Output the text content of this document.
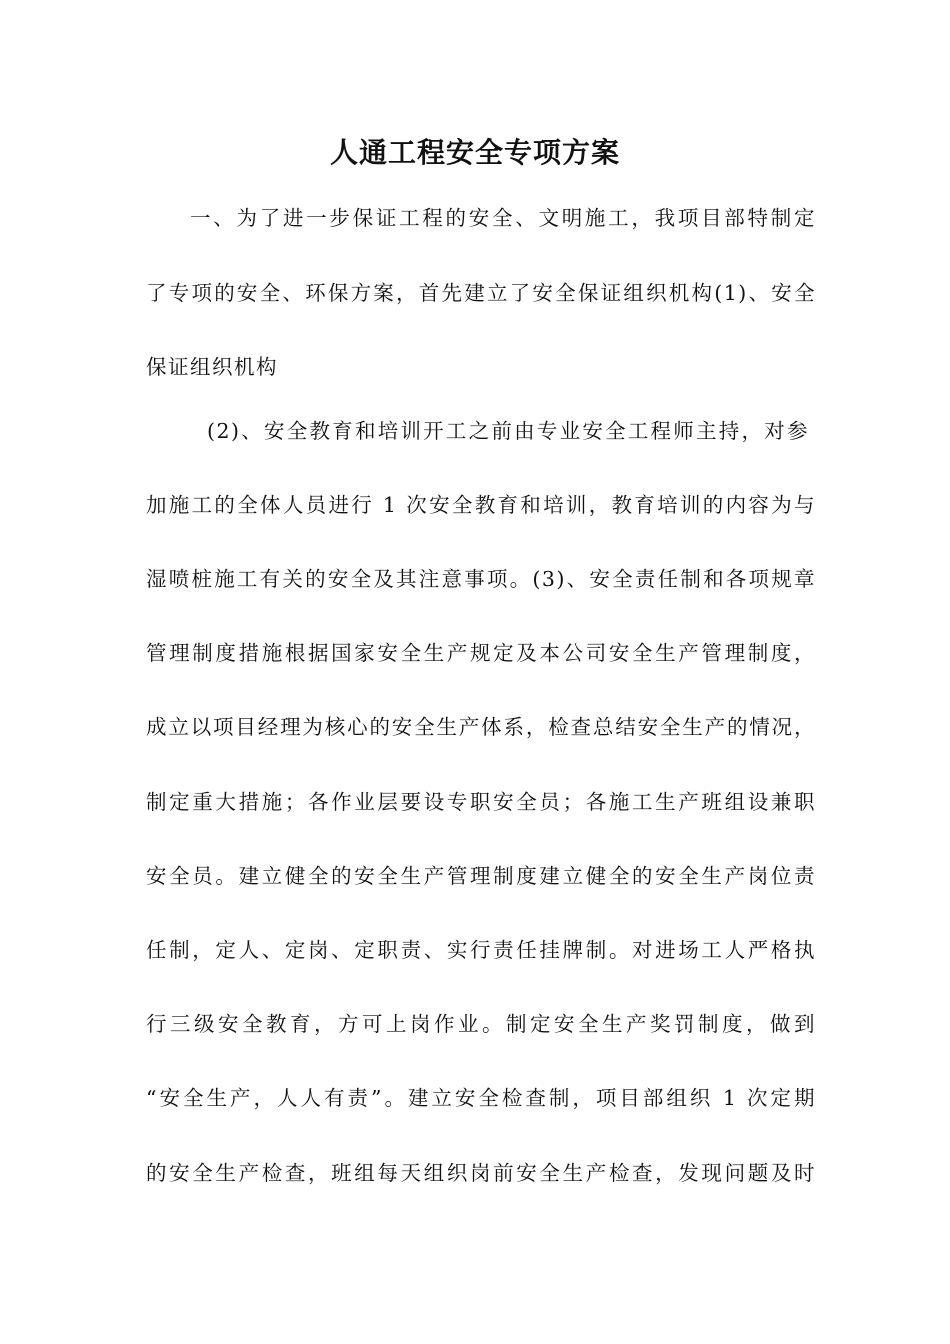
人通工程安全专项方案
一、为了进一步保证工程的安全、文明施工，我项目部特制定
了专项的安全、环保方案，首先建立了安全保证组织机构(1)、安全
保证组织机构
(2)、安全教育和培训开工之前由专业安全工程师主持，对参
加施工的全体人员进行 1 次安全教育和培训，教育培训的内容为与
湿喷桩施工有关的安全及其注意事项。(3)、安全责任制和各项规章
管理制度措施根据国家安全生产规定及本公司安全生产管理制度，
成立以项目经理为核心的安全生产体系，检查总结安全生产的情况，
制定重大措施；各作业层要设专职安全员；各施工生产班组设兼职
安全员。建立健全的安全生产管理制度建立健全的安全生产岗位责
任制，定人、定岗、定职责、实行责任挂牌制。对进场工人严格执
行三级安全教育，方可上岗作业。制定安全生产奖罚制度，做到
“安全生产，人人有责”。建立安全检查制，项目部组织 1 次定期
的安全生产检查，班组每天组织岗前安全生产检查，发现问题及时
